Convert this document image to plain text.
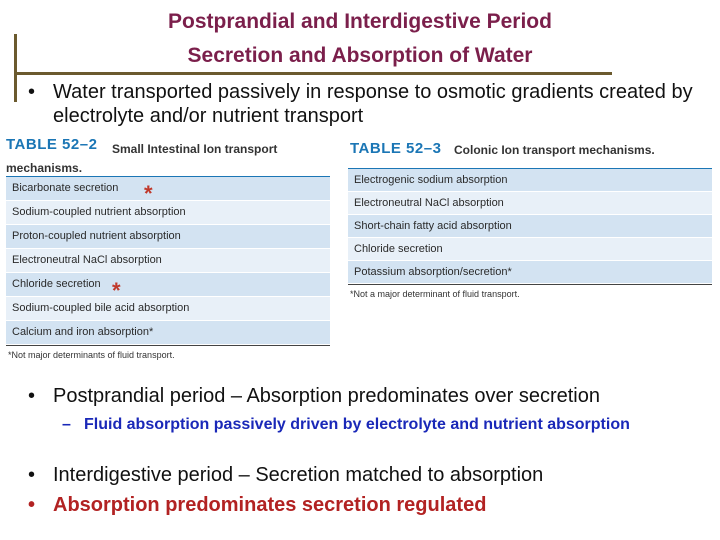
Postprandial and Interdigestive Period
Secretion and Absorption of Water
• Water transported passively in response to osmotic gradients created by electrolyte and/or nutrient transport
TABLE 52–2 Small Intestinal Ion transport
mechanisms.
Bicarbonate secretion
Sodium-coupled nutrient absorption
Proton-coupled nutrient absorption
Electroneutral NaCl absorption
Chloride secretion
Sodium-coupled bile acid absorption
Calcium and iron absorption*
*Not major determinants of fluid transport.
*
*
TABLE 52–3 Colonic Ion transport mechanisms.
Electrogenic sodium absorption
Electroneutral NaCl absorption
Short-chain fatty acid absorption
Chloride secretion
Potassium absorption/secretion*
*Not a major determinant of fluid transport.
• Postprandial period – Absorption predominates over secretion
– Fluid absorption passively driven by electrolyte and nutrient absorption
• Interdigestive period – Secretion matched to absorption
• Absorption predominates secretion regulated
